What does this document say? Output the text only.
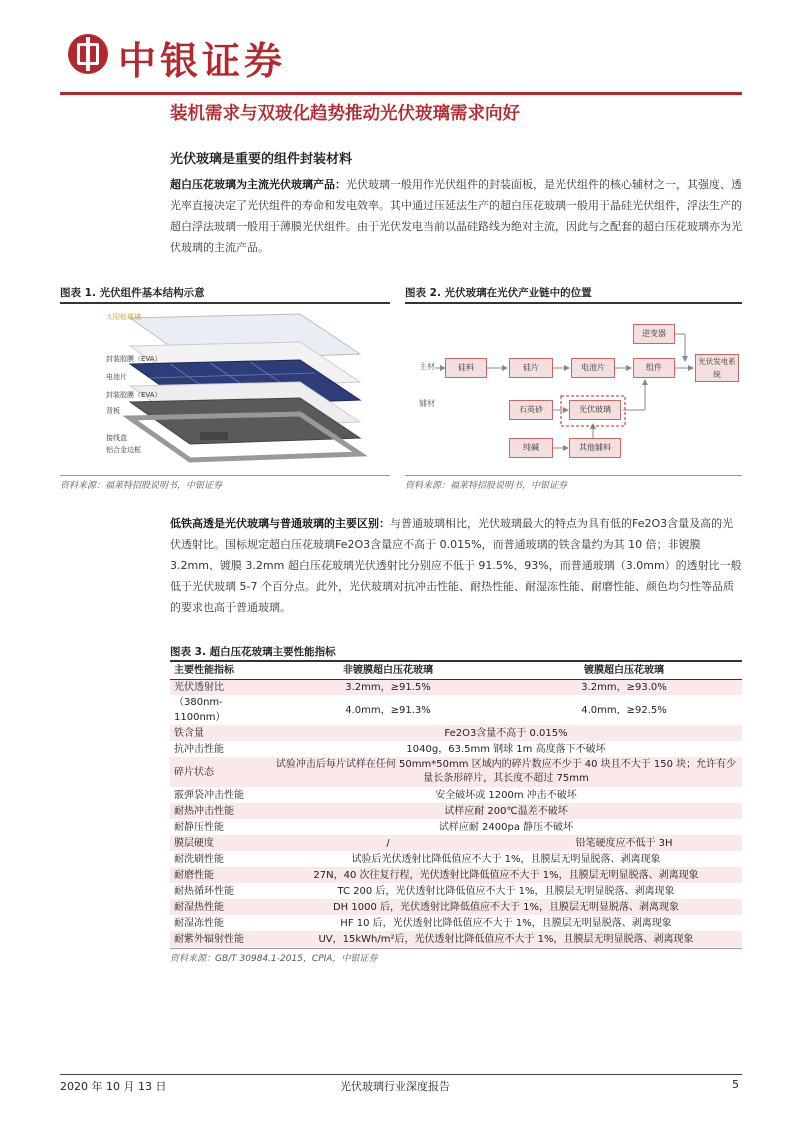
中银证券
装机需求与双玻化趋势推动光伏玻璃需求向好
光伏玻璃是重要的组件封装材料
超白压花玻璃为主流光伏玻璃产品：光伏玻璃一般用作光伏组件的封装面板，是光伏组件的核心辅材之一，其强度、透光率直接决定了光伏组件的寿命和发电效率。其中通过压延法生产的超白压花玻璃一般用于晶硅光伏组件，浮法生产的超白浮法玻璃一般用于薄膜光伏组件。由于光伏发电当前以晶硅路线为绝对主流，因此与之配套的超白压花玻璃亦为光伏玻璃的主流产品。
图表 1. 光伏组件基本结构示意
太阳能玻璃
封装胶膜（EVA）
电池片
封装胶膜（EVA）
背板
接线盒
铝合金边框
资料来源：福莱特招股说明书，中银证券
图表 2. 光伏玻璃在光伏产业链中的位置
主材
辅材
硅料	硅片	电池片	组件
逆变器
光伏发电系统
石英砂	光伏玻璃
纯碱	其他辅料
资料来源：福莱特招股说明书，中银证券
低铁高透是光伏玻璃与普通玻璃的主要区别：与普通玻璃相比，光伏玻璃最大的特点为具有低的Fe2O3含量及高的光伏透射比。国标规定超白压花玻璃Fe2O3含量应不高于 0.015%，而普通玻璃的铁含量约为其 10 倍；非镀膜 3.2mm、镀膜 3.2mm 超白压花玻璃光伏透射比分别应不低于 91.5%、93%，而普通玻璃（3.0mm）的透射比一般低于光伏玻璃 5-7 个百分点。此外，光伏玻璃对抗冲击性能、耐热性能、耐湿冻性能、耐磨性能、颜色均匀性等品质的要求也高于普通玻璃。
图表 3. 超白压花玻璃主要性能指标
主要性能指标	非镀膜超白压花玻璃	镀膜超白压花玻璃
光伏透射比	3.2mm，≥91.5%	3.2mm，≥93.0%
（380nm-1100nm）	4.0mm，≥91.3%	4.0mm，≥92.5%
铁含量	Fe2O3含量不高于 0.015%	
抗冲击性能	1040g，63.5mm 钢球 1m 高度落下不破坏	
碎片状态	试验冲击后每片试样在任何 50mm*50mm 区域内的碎片数应不少于 40 块且不大于 150 块；允许有少量长条形碎片，其长度不超过 75mm	
霰弹袋冲击性能	安全破坏或 1200m 冲击不破坏	
耐热冲击性能	试样应耐 200℃温差不破坏	
耐静压性能	试样应耐 2400pa 静压不破坏	
膜层硬度	/	铅笔硬度应不低于 3H
耐洗刷性能	试验后光伏透射比降低值应不大于 1%，且膜层无明显脱落、剥离现象	
耐磨性能	27N，40 次往复行程，光伏透射比降低值应不大于 1%，且膜层无明显脱落、剥离现象	
耐热循环性能	TC 200 后，光伏透射比降低值应不大于 1%，且膜层无明显脱落、剥离现象	
耐湿热性能	DH 1000 后，光伏透射比降低值应不大于 1%，且膜层无明显脱落、剥离现象	
耐湿冻性能	HF 10 后，光伏透射比降低值应不大于 1%，且膜层无明显脱落、剥离现象	
耐紫外辐射性能	UV，15kWh/m²后，光伏透射比降低值应不大于 1%，且膜层无明显脱落、剥离现象	
资料来源：GB/T 30984.1-2015，CPIA，中银证券
2020 年 10 月 13 日	光伏玻璃行业深度报告	5
